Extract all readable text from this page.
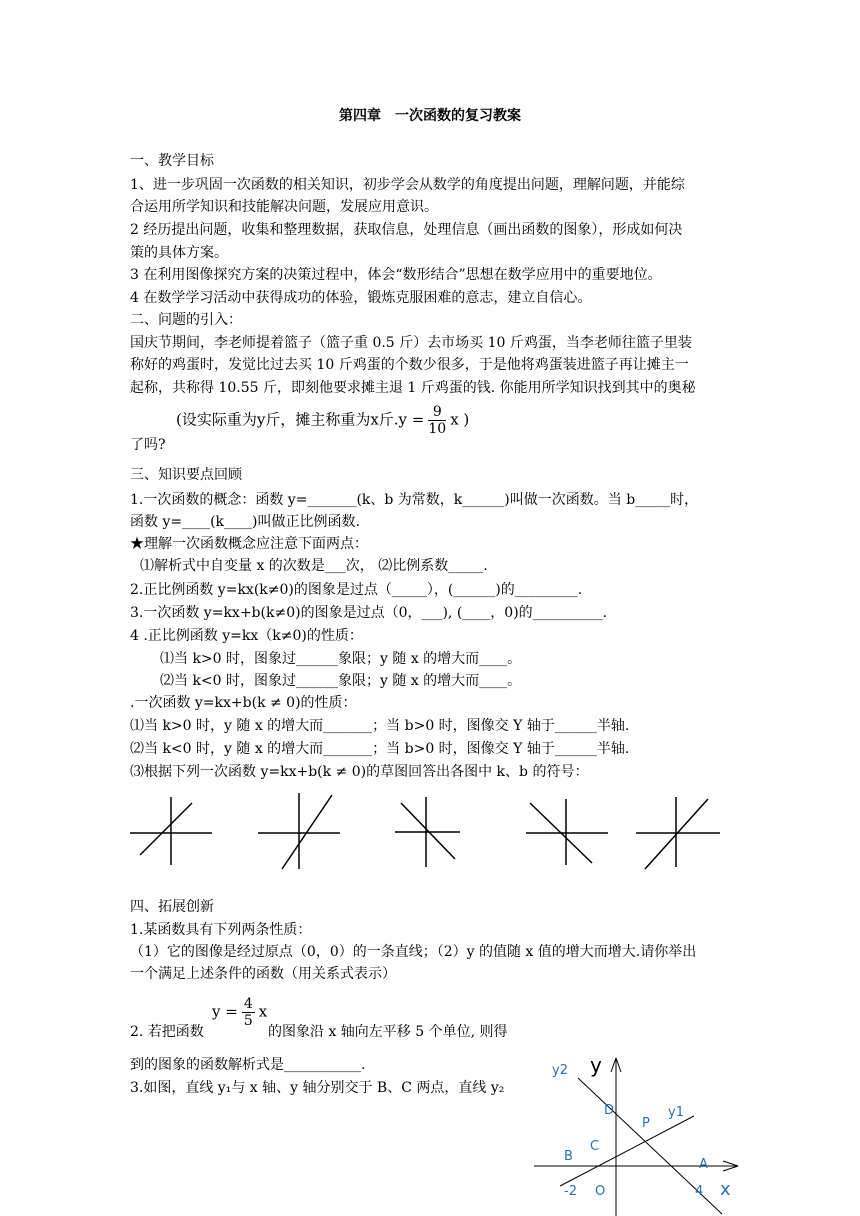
第四章　一次函数的复习教案
一、教学目标
1、进一步巩固一次函数的相关知识，初步学会从数学的角度提出问题，理解问题，并能综
合运用所学知识和技能解决问题，发展应用意识。
2 经历提出问题，收集和整理数据，获取信息，处理信息（画出函数的图象），形成如何决
策的具体方案。
3 在利用图像探究方案的决策过程中，体会“数形结合”思想在数学应用中的重要地位。
4 在数学学习活动中获得成功的体验，锻炼克服困难的意志，建立自信心。
二、问题的引入：
国庆节期间，李老师提着篮子（篮子重 0.5 斤）去市场买 10 斤鸡蛋，当李老师往篮子里装
称好的鸡蛋时，发觉比过去买 10 斤鸡蛋的个数少很多，于是他将鸡蛋装进篮子再让摊主一
起称，共称得 10.55 斤，即刻他要求摊主退 1 斤鸡蛋的钱. 你能用所学知识找到其中的奥秘
(设实际重为y斤，摊主称重为x斤$.y = \frac{9}{10}$ x )
了吗?
三、知识要点回顾
1.一次函数的概念：函数 y=_______(k、b 为常数，k______)叫做一次函数。当 b_____时，
函数 y=____(k____)叫做正比例函数.
★理解一次函数概念应注意下面两点：
⑴解析式中自变量 x 的次数是___次， ⑵比例系数_____.
2.正比例函数 y=kx(k≠0)的图象是过点（_____），(______)的_________.
3.一次函数 y=kx+b(k≠0)的图象是过点（0，___), (____，0)的__________.
4 .正比例函数 y=kx（k≠0)的性质：
⑴当 k>0 时，图象过______象限；y 随 x 的增大而____。
⑵当 k<0 时，图象过______象限；y 随 x 的增大而____。
.一次函数 y=kx+b(k ≠ 0)的性质：
⑴当 k>0 时，y 随 x 的增大而_______；当 b>0 时，图像交 Y 轴于______半轴.
⑵当 k<0 时，y 随 x 的增大而_______；当 b>0 时，图像交 Y 轴于______半轴.
⑶根据下列一次函数 y=kx+b(k ≠ 0)的草图回答出各图中 k、b 的符号：
四、拓展创新
1.某函数具有下列两条性质：
（1）它的图像是经过原点（0，0）的一条直线；（2）y 的值随 x 值的增大而增大.请你举出
一个满足上述条件的函数（用关系式表示）
2. 若把函数
$y = \frac{4}{5}$ x
的图象沿 x 轴向左平移 5 个单位, 则得
到的图象的函数解析式是___________.
3.如图，直线 y₁与 x 轴、y 轴分别交于 B、C 两点，直线 y₂
y2 y
y1
D
P
C
B
A
-2 O	4 x
